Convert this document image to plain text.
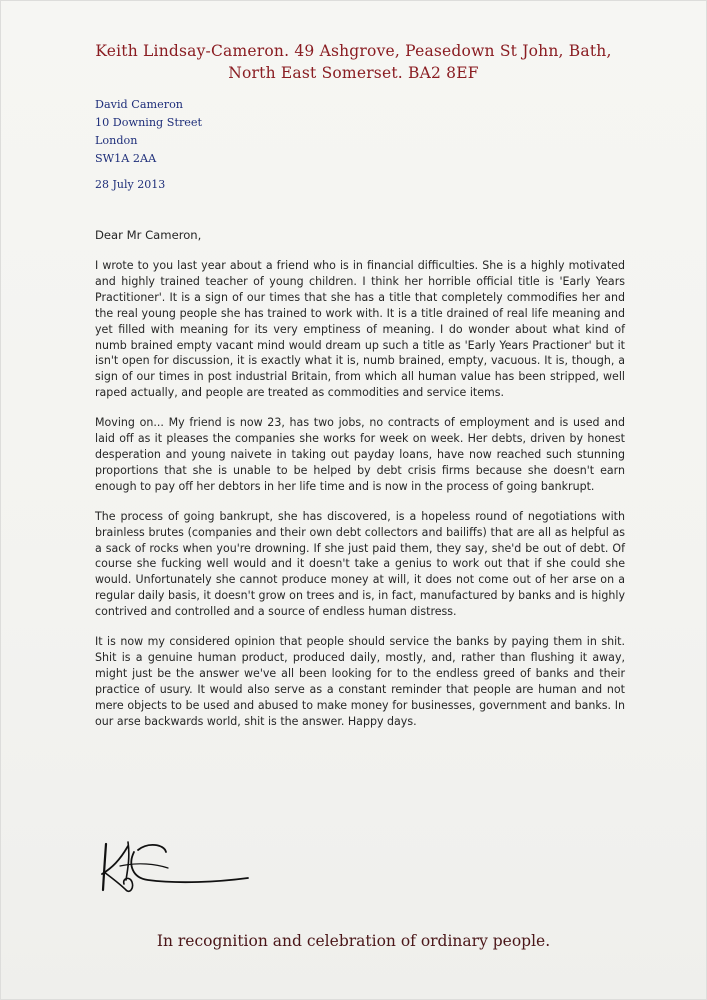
Keith Lindsay-Cameron. 49 Ashgrove, Peasedown St John, Bath,
North East Somerset. BA2 8EF
David Cameron
10 Downing Street
London
SW1A 2AA
28 July 2013
Dear Mr Cameron,

I wrote to you last year about a friend who is in financial difficulties. She is a highly motivated and highly trained teacher of young children. I think her horrible official title is 'Early Years Practitioner'. It is a sign of our times that she has a title that completely commodifies her and the real young people she has trained to work with. It is a title drained of real life meaning and yet filled with meaning for its very emptiness of meaning. I do wonder about what kind of numb brained empty vacant mind would dream up such a title as 'Early Years Practioner' but it isn't open for discussion, it is exactly what it is, numb brained, empty, vacuous. It is, though, a sign of our times in post industrial Britain, from which all human value has been stripped, well raped actually, and people are treated as commodities and service items.

Moving on... My friend is now 23, has two jobs, no contracts of employment and is used and laid off as it pleases the companies she works for week on week. Her debts, driven by honest desperation and young naivete in taking out payday loans, have now reached such stunning proportions that she is unable to be helped by debt crisis firms because she doesn't earn enough to pay off her debtors in her life time and is now in the process of going bankrupt.

The process of going bankrupt, she has discovered, is a hopeless round of negotiations with brainless brutes (companies and their own debt collectors and bailiffs) that are all as helpful as a sack of rocks when you're drowning. If she just paid them, they say, she'd be out of debt. Of course she fucking well would and it doesn't take a genius to work out that if she could she would. Unfortunately she cannot produce money at will, it does not come out of her arse on a regular daily basis, it doesn't grow on trees and is, in fact, manufactured by banks and is highly contrived and controlled and a source of endless human distress.

It is now my considered opinion that people should service the banks by paying them in shit. Shit is a genuine human product, produced daily, mostly, and, rather than flushing it away, might just be the answer we've all been looking for to the endless greed of banks and their practice of usury. It would also serve as a constant reminder that people are human and not mere objects to be used and abused to make money for businesses, government and banks. In our arse backwards world, shit is the answer. Happy days.

In recognition and celebration of ordinary people.
